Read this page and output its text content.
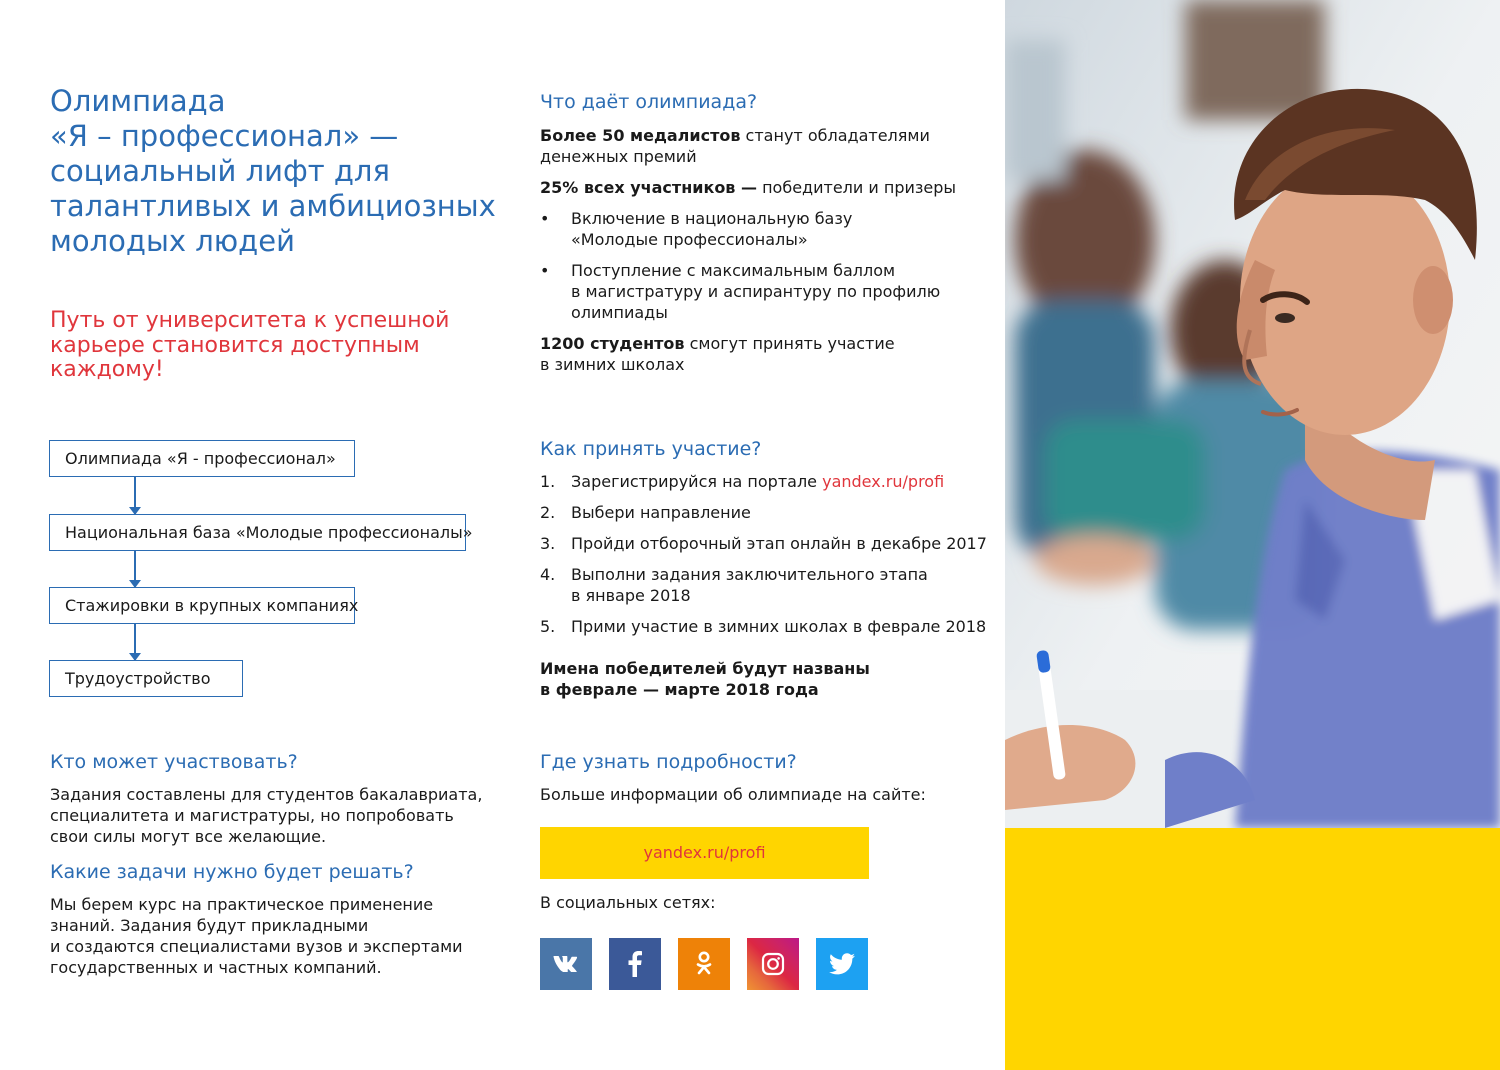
Олимпиада
«Я – профессионал» —
социальный лифт для
талантливых и амбициозных
молодых людей
Путь от университета к успешной
карьере становится доступным
каждому!
Олимпиада «Я - профессионал»
Национальная база «Молодые профессионалы»
Стажировки в крупных компаниях
Трудоустройство
Кто может участвовать?
Задания составлены для студентов бакалавриата,
специалитета и магистратуры, но попробовать
свои силы могут все желающие.
Какие задачи нужно будет решать?
Мы берем курс на практическое применение
знаний. Задания будут прикладными
и создаются специалистами вузов и экспертами
государственных и частных компаний.
Что даёт олимпиада?
Более 50 медалистов станут обладателями
денежных премий
25% всех участников — победители и призеры
•	Включение в национальную базу
«Молодые профессионалы»
•	Поступление с максимальным баллом
в магистратуру и аспирантуру по профилю
олимпиады
1200 студентов смогут принять участие
в зимних школах
Как принять участие?
1. Зарегистрируйся на портале yandex.ru/profi
2. Выбери направление
3. Пройди отборочный этап онлайн в декабре 2017
4. Выполни задания заключительного этапа
в январе 2018
5. Прими участие в зимних школах в феврале 2018
Имена победителей будут названы
в феврале — марте 2018 года
Где узнать подробности?
Больше информации об олимпиаде на сайте:
yandex.ru/profi
В социальных сетях:
